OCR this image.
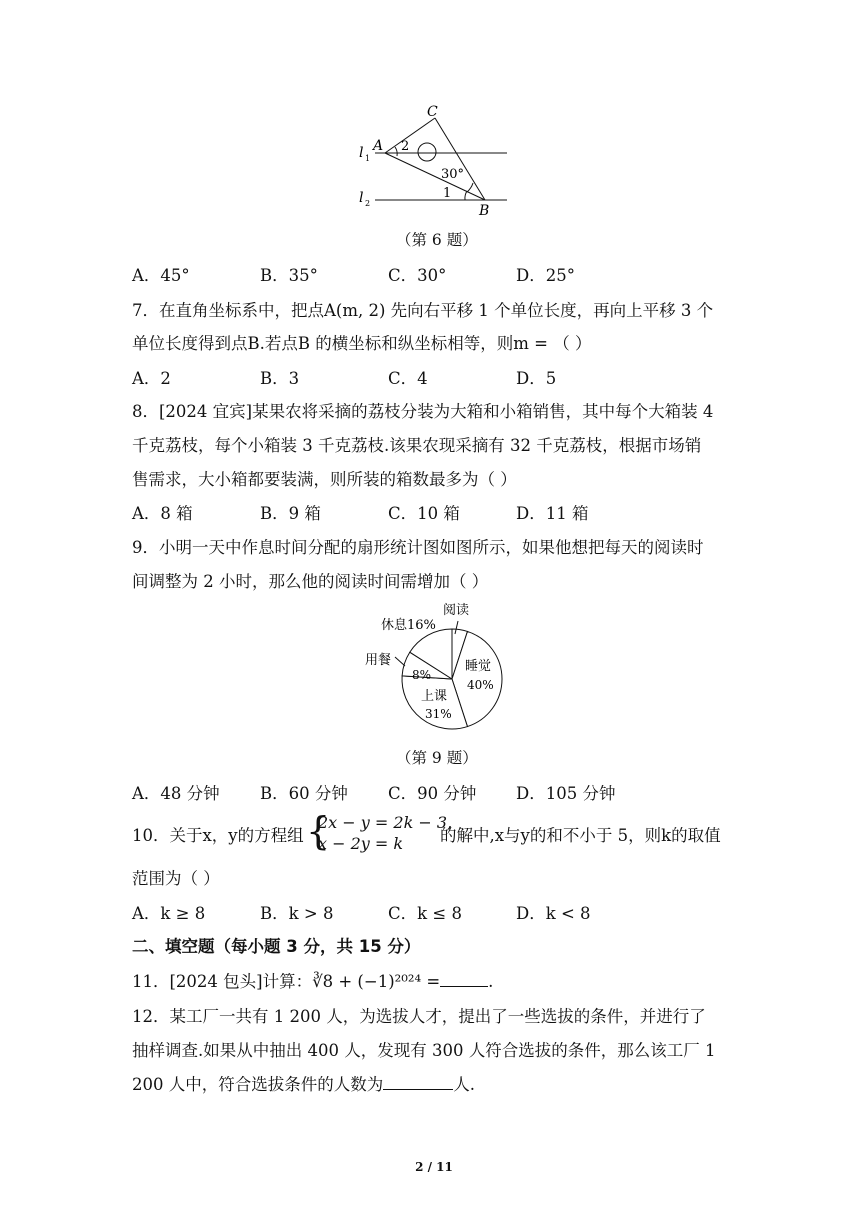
C
A
B
l 1
l 2
2
30°
1
（第 6 题）
A．45°	B．35°	C．30°	D．25°
7．在直角坐标系中，把点A(m, 2) 先向右平移 1 个单位长度，再向上平移 3 个
单位长度得到点B.若点B 的横坐标和纵坐标相等，则m = （ ）
A．2	B．3	C．4	D．5
8．[2024 宜宾]某果农将采摘的荔枝分装为大箱和小箱销售，其中每个大箱装 4
千克荔枝，每个小箱装 3 千克荔枝.该果农现采摘有 32 千克荔枝，根据市场销
售需求，大小箱都要装满，则所装的箱数最多为（ ）
A．8 箱	B．9 箱	C．10 箱	D．11 箱
9．小明一天中作息时间分配的扇形统计图如图所示，如果他想把每天的阅读时
间调整为 2 小时，那么他的阅读时间需增加（ ）
阅读
休息16%
用餐
8%
睡觉
40%
上课
31%
（第 9 题）
A．48 分钟 B．60 分钟 C．90 分钟 D．105 分钟
10．关于x，y的方程组 {
2x − y = 2k − 3,
x − 2y = k 的解中,x与y的和不小于 5，则k的取值
范围为（ ）
A．k ≥ 8	B．k > 8	C．k ≤ 8	D．k < 8
二、填空题（每小题 3 分，共 15 分）
11．[2024 包头]计算：∛8 + (−1)²⁰²⁴ =	.
12．某工厂一共有 1 200 人，为选拔人才，提出了一些选拔的条件，并进行了
抽样调查.如果从中抽出 400 人，发现有 300 人符合选拔的条件，那么该工厂 1
200 人中，符合选拔条件的人数为	人.
2 / 11
